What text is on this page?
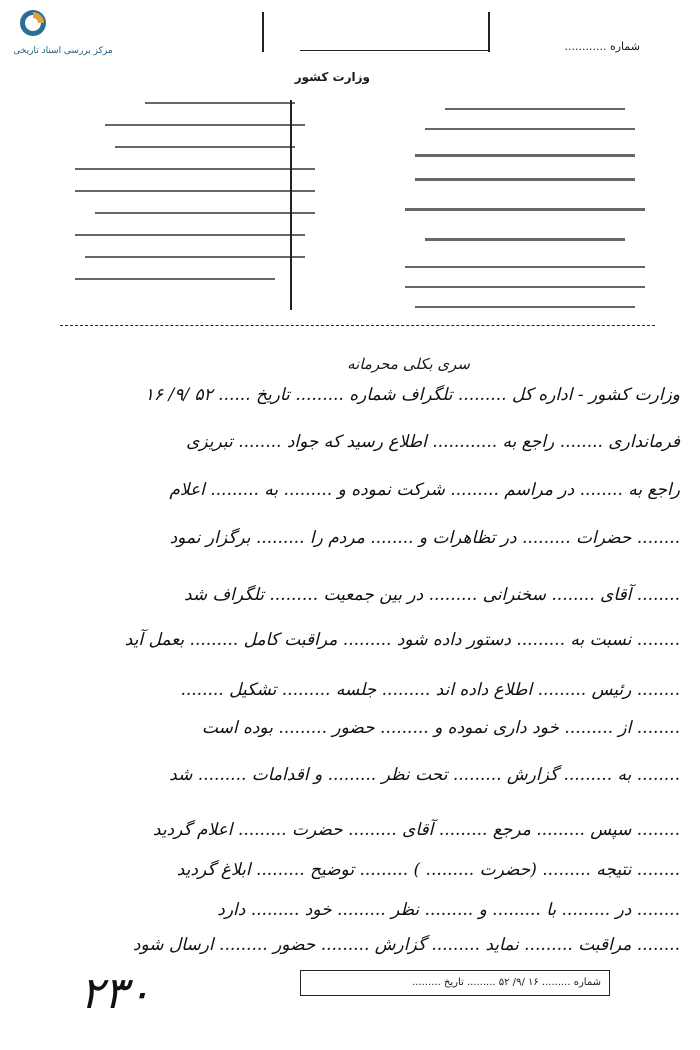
مرکز بررسی اسناد تاریخی	شماره ............
وزارت کشور
سری بکلی محرمانه
وزارت کشور - اداره کل ......... تلگراف شماره ......... تاریخ ...... ۵۲ /۹/ ۱۶
فرمانداری ........ راجع به ............ اطلاع رسید که جواد ........ تبریزی
راجع به ........ در مراسم ......... شرکت نموده و ......... به ......... اعلام
........ حضرات ......... در تظاهرات و ........ مردم را ......... برگزار نمود
........ آقای ........ سخنرانی ......... در بین جمعیت ......... تلگراف شد
........ نسبت به ......... دستور داده شود ......... مراقبت کامل ......... بعمل آید
........ رئیس ......... اطلاع داده اند ......... جلسه ......... تشکیل ........
........ از ......... خود داری نموده و ......... حضور ......... بوده است
........ به ......... گزارش ......... تحت نظر ......... و اقدامات ......... شد
........ سپس ......... مرجع ......... آقای ......... حضرت ......... اعلام گردید
........ نتیجه ......... (حضرت ......... ) ......... توضیح ......... ابلاغ گردید
........ در ......... با ......... و ......... نظر ......... خود ......... دارد
........ مراقبت ......... نماید ......... گزارش ......... حضور ......... ارسال شود
۲۳۰	شماره ......... ۱۶ /۹/ ۵۲ ......... تاریخ .........
